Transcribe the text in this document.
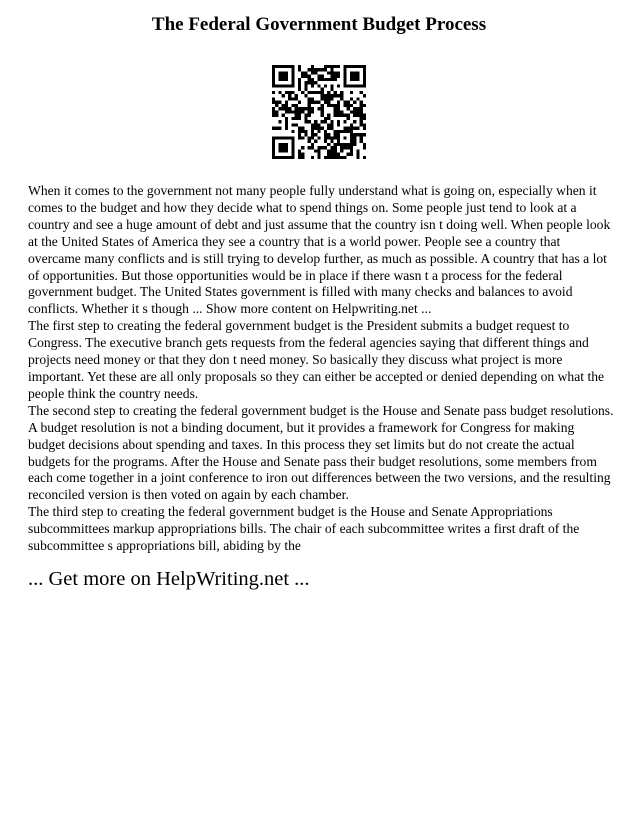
The Federal Government Budget Process

When it comes to the government not many people fully understand what is going on, especially when it comes to the budget and how they decide what to spend things on. Some people just tend to look at a country and see a huge amount of debt and just assume that the country isn t doing well. When people look at the United States of America they see a country that is a world power. People see a country that overcame many conflicts and is still trying to develop further, as much as possible. A country that has a lot of opportunities. But those opportunities would be in place if there wasn t a process for the federal government budget. The United States government is filled with many checks and balances to avoid conflicts. Whether it s though ... Show more content on Helpwriting.net ...

The first step to creating the federal government budget is the President submits a budget request to Congress. The executive branch gets requests from the federal agencies saying that different things and projects need money or that they don t need money. So basically they discuss what project is more important. Yet these are all only proposals so they can either be accepted or denied depending on what the people think the country needs.

The second step to creating the federal government budget is the House and Senate pass budget resolutions. A budget resolution is not a binding document, but it provides a framework for Congress for making budget decisions about spending and taxes. In this process they set limits but do not create the actual budgets for the programs. After the House and Senate pass their budget resolutions, some members from each come together in a joint conference to iron out differences between the two versions, and the resulting reconciled version is then voted on again by each chamber.

The third step to creating the federal government budget is the House and Senate Appropriations subcommittees markup appropriations bills. The chair of each subcommittee writes a first draft of the subcommittee s appropriations bill, abiding by the

... Get more on HelpWriting.net ...
